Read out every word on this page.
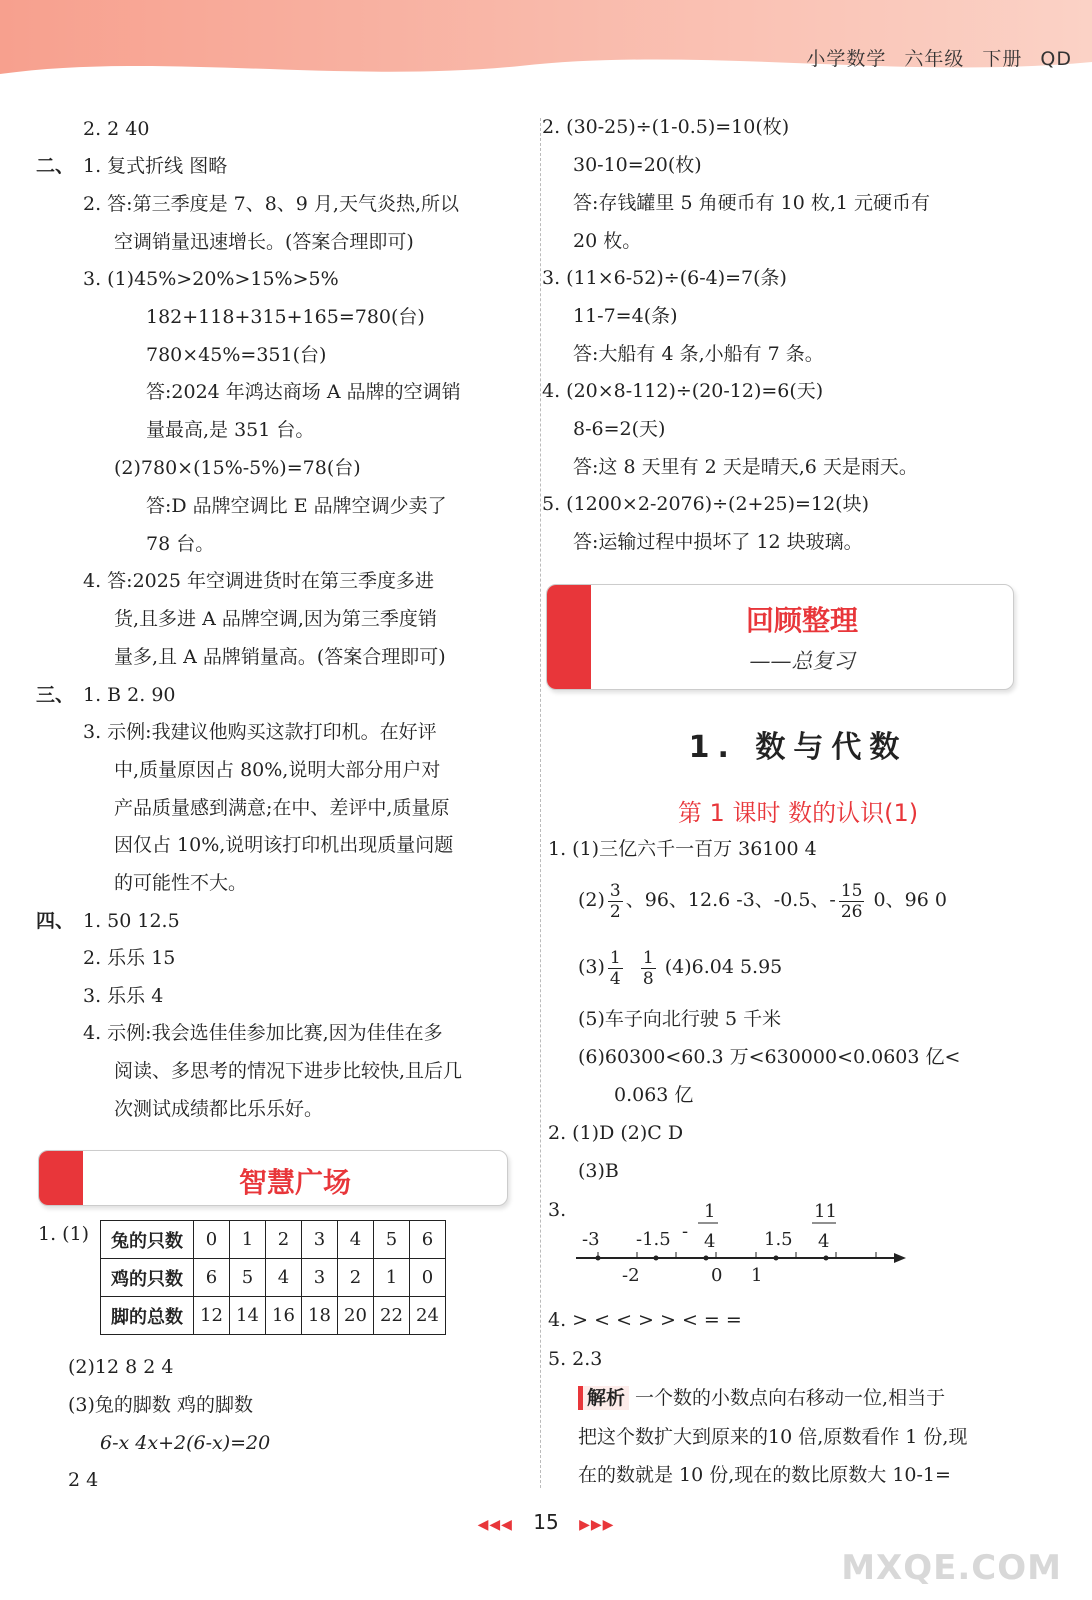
小学数学 六年级 下册 QD
2. 2 40
二、 1. 复式折线 图略
2. 答:第三季度是 7、8、9 月,天气炎热,所以
空调销量迅速增长。(答案合理即可)
3. (1)45%>20%>15%>5%
182+118+315+165=780(台)
780×45%=351(台)
答:2024 年鸿达商场 A 品牌的空调销
量最高,是 351 台。
(2)780×(15%-5%)=78(台)
答:D 品牌空调比 E 品牌空调少卖了
78 台。
4. 答:2025 年空调进货时在第三季度多进
货,且多进 A 品牌空调,因为第三季度销
量多,且 A 品牌销量高。(答案合理即可)
三、 1. B 2. 90
3. 示例:我建议他购买这款打印机。在好评
中,质量原因占 80%,说明大部分用户对
产品质量感到满意;在中、差评中,质量原
因仅占 10%,说明该打印机出现质量问题
的可能性不大。
四、 1. 50 12.5
2. 乐乐 15
3. 乐乐 4
4. 示例:我会选佳佳参加比赛,因为佳佳在多
阅读、多思考的情况下进步比较快,且后几
次测试成绩都比乐乐好。
智慧广场
1. (1) 兔的只数	0	1	2	3	4	5	6
鸡的只数	6	5	4	3	2	1	0
脚的总数	12	14	16	18	20	22	24
(2)12 8 2 4
(3)兔的脚数 鸡的脚数
6-x 4x+2(6-x)=20
2 4
2. (30-25)÷(1-0.5)=10(枚)
30-10=20(枚)
答:存钱罐里 5 角硬币有 10 枚,1 元硬币有
20 枚。
3. (11×6-52)÷(6-4)=7(条)
11-7=4(条)
答:大船有 4 条,小船有 7 条。
4. (20×8-112)÷(20-12)=6(天)
8-6=2(天)
答:这 8 天里有 2 天是晴天,6 天是雨天。
5. (1200×2-2076)÷(2+25)=12(块)
答:运输过程中损坏了 12 块玻璃。
回顾整理
——总复习
1. 数与代数
第 1 课时 数的认识(1)
1. (1)三亿六千一百万 36100 4
$(2) \frac{3}{2}$ 、96、12.6 -3、-0.5、- $\frac{15}{26} 0$、96 0
$(3) \frac{1}{4}$
$\frac{1}{8} (4)6.04$ 5.95
(5)车子向北行驶 5 千米
(6)60300<60.3 万<630000<0.0603 亿<
0.063 亿
2. (1)D (2)C D
(3)B
3.
-3 -1.5 -
1
4	1.5
11
4
-2	0 1
4. > < < > > < = =
5. 2.3
解析 一个数的小数点向右移动一位,相当于
把这个数扩大到原来的10 倍,原数看作 1 份,现
在的数就是 10 份,现在的数比原数大 10-1=
◀◀◀ 15 ▶▶▶
MXQE.COM
